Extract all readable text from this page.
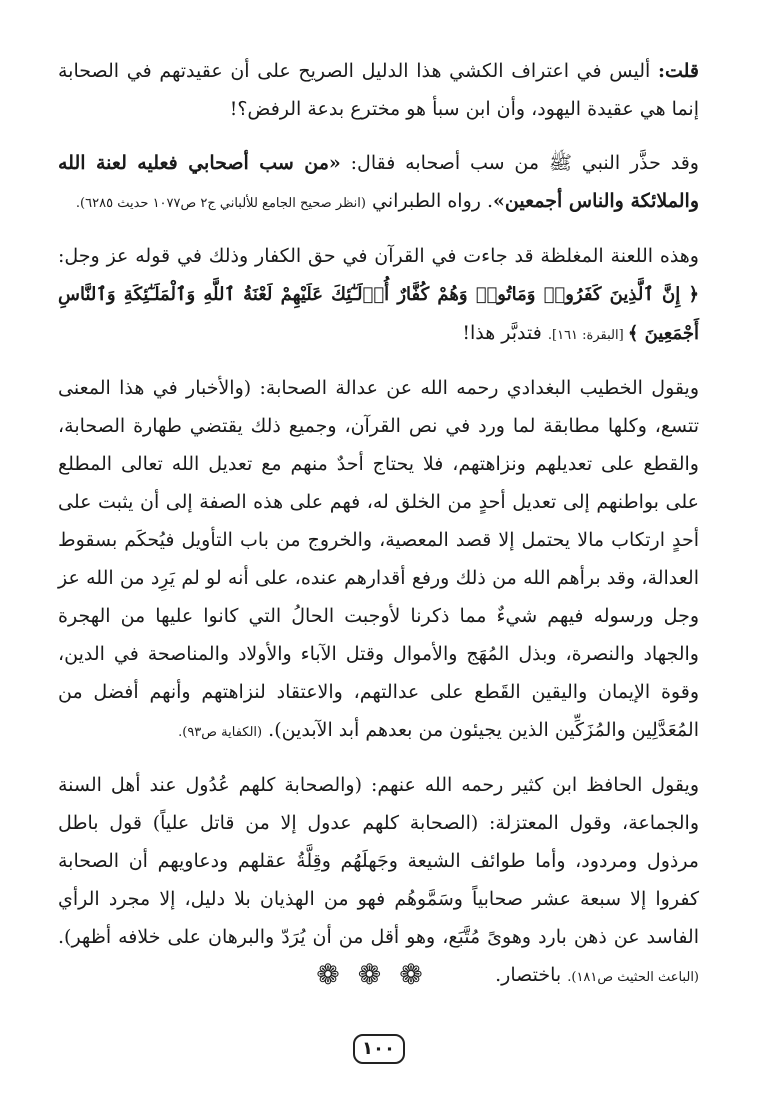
قلت: أليس في اعتراف الكشي هذا الدليل الصريح على أن عقيدتهم في الصحابة إنما هي عقيدة اليهود، وأن ابن سبأ هو مخترع بدعة الرفض؟!

وقد حذَّر النبي ﷺ من سب أصحابه فقال: «من سب أصحابي فعليه لعنة الله والملائكة والناس أجمعين». رواه الطبراني (انظر صحيح الجامع للألباني ج٢ ص١٠٧٧ حديث ٦٢٨٥).

وهذه اللعنة المغلظة قد جاءت في القرآن في حق الكفار وذلك في قوله عز وجل: ﴿ إِنَّ ٱلَّذِينَ كَفَرُوا۟ وَمَاتُوا۟ وَهُمْ كُفَّارٌ أُو۟لَـٰٓئِكَ عَلَيْهِمْ لَعْنَةُ ٱللَّهِ وَٱلْمَلَـٰٓئِكَةِ وَٱلنَّاسِ أَجْمَعِينَ ﴾ [البقرة: ١٦١]. فتدبَّر هذا!

ويقول الخطيب البغدادي رحمه الله عن عدالة الصحابة: (والأخبار في هذا المعنى تتسع، وكلها مطابقة لما ورد في نص القرآن، وجميع ذلك يقتضي طهارة الصحابة، والقطع على تعديلهم ونزاهتهم، فلا يحتاج أحدٌ منهم مع تعديل الله تعالى المطلع على بواطنهم إلى تعديل أحدٍ من الخلق له، فهم على هذه الصفة إلى أن يثبت على أحدٍ ارتكاب مالا يحتمل إلا قصد المعصية، والخروج من باب التأويل فيُحكَم بسقوط العدالة، وقد برأهم الله من ذلك ورفع أقدارهم عنده، على أنه لو لم يَرِد من الله عز وجل ورسوله فيهم شيءٌ مما ذكرنا لأوجبت الحالُ التي كانوا عليها من الهجرة والجهاد والنصرة، وبذل المُهَج والأموال وقتل الآباء والأولاد والمناصحة في الدين، وقوة الإيمان واليقين القَطع على عدالتهم، والاعتقاد لنزاهتهم وأنهم أفضل من المُعَدَّلِين والمُزَكِّين الذين يجيئون من بعدهم أبد الآبدين). (الكفاية ص٩٣).

ويقول الحافظ ابن كثير رحمه الله عنهم: (والصحابة كلهم عُدُول عند أهل السنة والجماعة، وقول المعتزلة: (الصحابة كلهم عدول إلا من قاتل علياً) قول باطل مرذول ومردود، وأما طوائف الشيعة وجَهلَهُم وقِلَّةُ عقلهم ودعاويهم أن الصحابة كفروا إلا سبعة عشر صحابياً وسَمَّوهُم فهو من الهذيان بلا دليل، إلا مجرد الرأي الفاسد عن ذهن بارد وهوىً مُتَّبَع، وهو أقل من أن يُرَدّ والبرهان على خلافه أظهر). (الباعث الحثيث ص١٨١). باختصار.

❁❁❁
١٠٠
